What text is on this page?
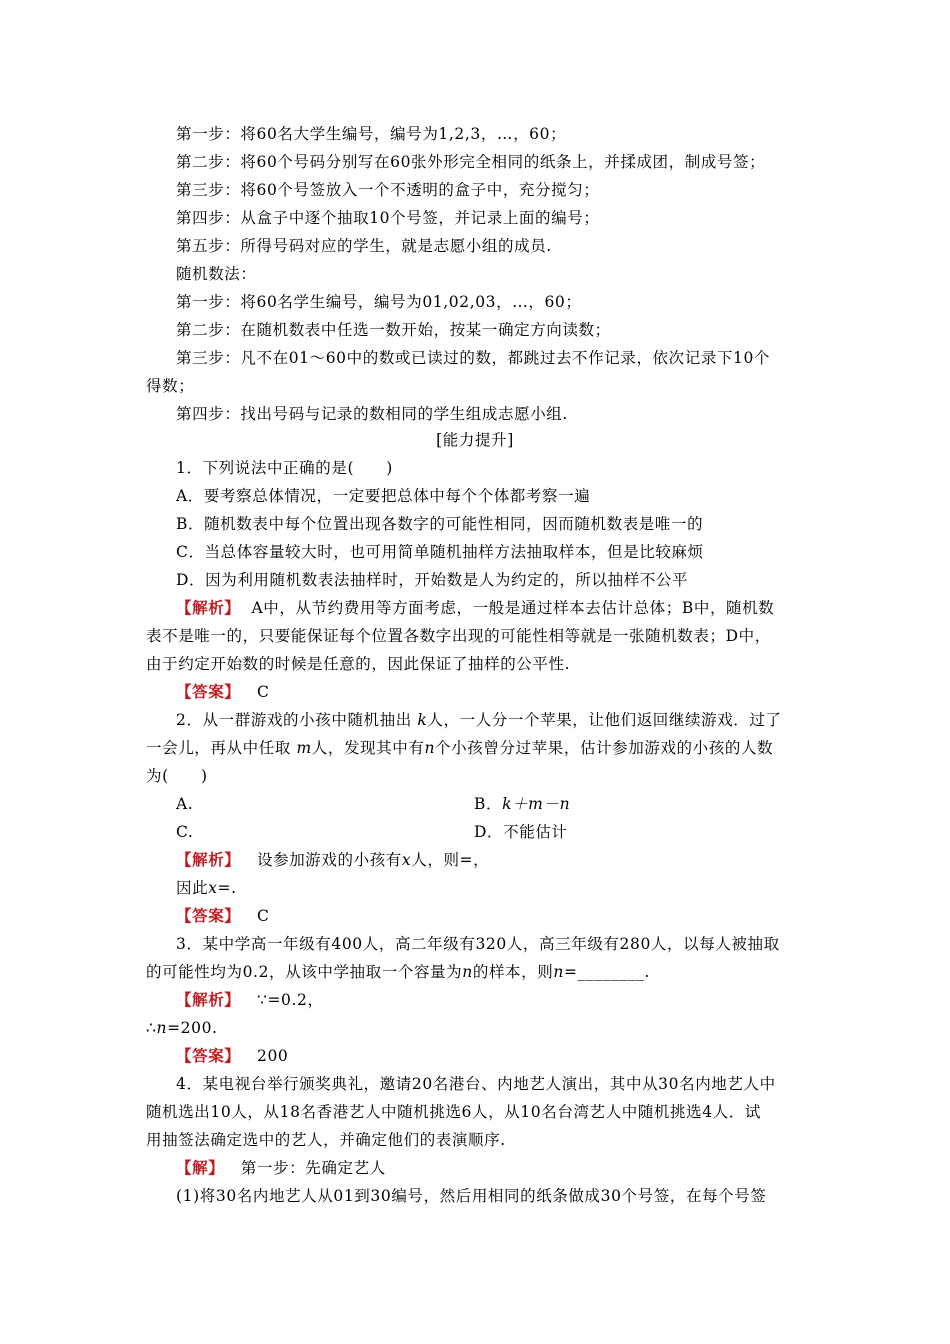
第一步：将60名大学生编号，编号为1,2,3，…，60；
第二步：将60个号码分别写在60张外形完全相同的纸条上，并揉成团，制成号签；
第三步：将60个号签放入一个不透明的盒子中，充分搅匀；
第四步：从盒子中逐个抽取10个号签，并记录上面的编号；
第五步：所得号码对应的学生，就是志愿小组的成员.
随机数法：
第一步：将60名学生编号，编号为01,02,03，…，60；
第二步：在随机数表中任选一数开始，按某一确定方向读数；
第三步：凡不在01～60中的数或已读过的数，都跳过去不作记录，依次记录下10个
得数；
第四步：找出号码与记录的数相同的学生组成志愿小组.
[能力提升]
1．下列说法中正确的是(　　)
A．要考察总体情况，一定要把总体中每个个体都考察一遍
B．随机数表中每个位置出现各数字的可能性相同，因而随机数表是唯一的
C．当总体容量较大时，也可用简单随机抽样方法抽取样本，但是比较麻烦
D．因为利用随机数表法抽样时，开始数是人为约定的，所以抽样不公平
【解析】 A中，从节约费用等方面考虑，一般是通过样本去估计总体；B中，随机数
表不是唯一的，只要能保证每个位置各数字出现的可能性相等就是一张随机数表；D中，
由于约定开始数的时候是任意的，因此保证了抽样的公平性.
【答案】 C
2．从一群游戏的小孩中随机抽出 k人，一人分一个苹果，让他们返回继续游戏．过了
一会儿，再从中任取 m人，发现其中有n个小孩曾分过苹果，估计参加游戏的小孩的人数
为(　　)
A.	B．k＋m－n
C.	D．不能估计
【解析】 设参加游戏的小孩有x人，则=，
因此x=.
【答案】 C
3．某中学高一年级有400人，高二年级有320人，高三年级有280人，以每人被抽取
的可能性均为0.2，从该中学抽取一个容量为n的样本，则n=________.
【解析】 ∵=0.2，
∴n=200.
【答案】 200
4．某电视台举行颁奖典礼，邀请20名港台、内地艺人演出，其中从30名内地艺人中
随机选出10人，从18名香港艺人中随机挑选6人，从10名台湾艺人中随机挑选4人．试
用抽签法确定选中的艺人，并确定他们的表演顺序.
【解】 第一步：先确定艺人
(1)将30名内地艺人从01到30编号，然后用相同的纸条做成30个号签，在每个号签
